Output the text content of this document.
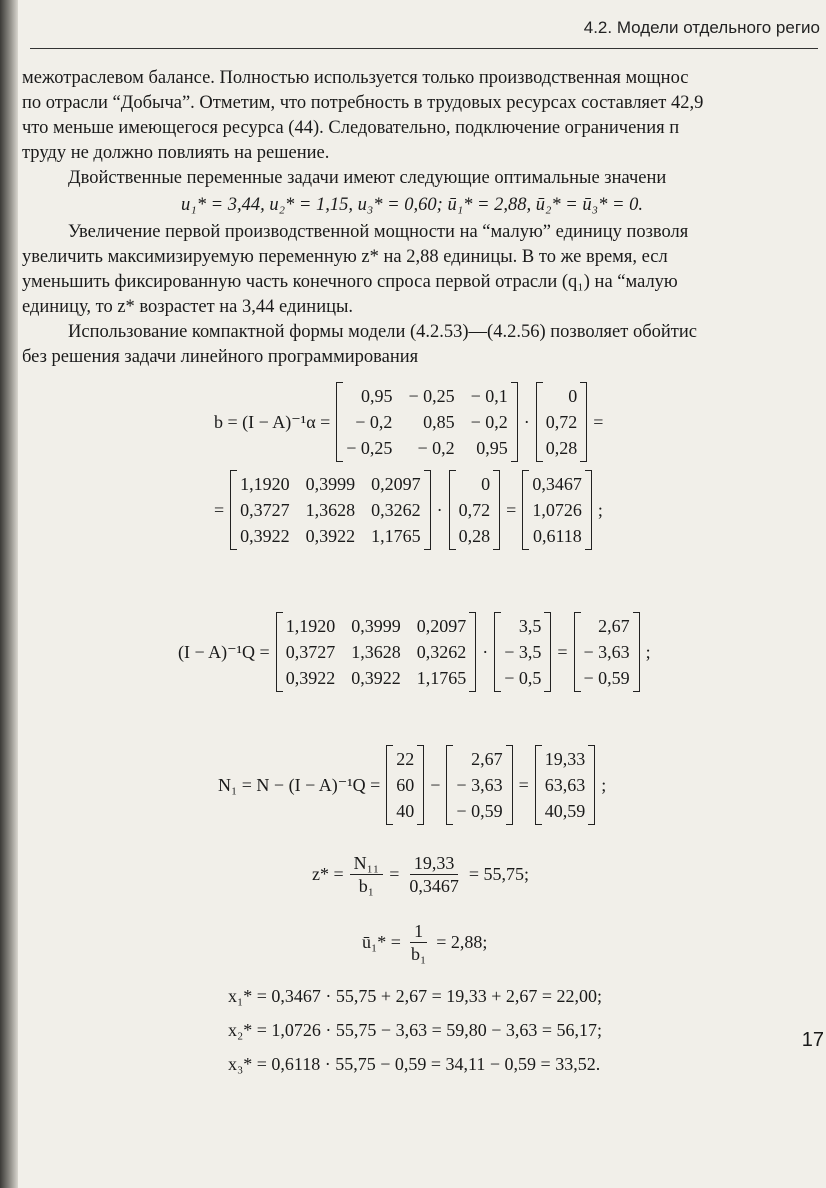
4.2. Модели отдельного регио

межотраслевом балансе. Полностью используется только производственная мощнос

по отрасли “Добыча”. Отметим, что потребность в трудовых ресурсах составляет 42,9

что меньше имеющегося ресурса (44). Следовательно, подключение ограничения п

труду не должно повлиять на решение.

Двойственные переменные задачи имеют следующие оптимальные значени

u₁* = 3,44, u₂* = 1,15, u₃* = 0,60; ū₁* = 2,88, ū₂* = ū₃* = 0.

Увеличение первой производственной мощности на “малую” единицу позволя

увеличить максимизируемую переменную z* на 2,88 единицы. В то же время, есл

уменьшить фиксированную часть конечного спроса первой отрасли (q₁) на “малую

единицу, то z* возрастет на 3,44 единицы.

Использование компактной формы модели (4.2.53)—(4.2.56) позволяет обойтис

без решения задачи линейного программирования

b = (I − A)⁻¹α =
0,95 − 0,25 − 0,1
− 0,2	0,85 − 0,2
− 0,25	− 0,2	0,95
·
0
0,72
0,28
=
=
1,1920 0,3999 0,2097
0,3727 1,3628 0,3262
0,3922 0,3922 1,1765
·
0
0,72
0,28
=
0,3467
1,0726
0,6118
;
(I − A)⁻¹Q =
1,1920 0,3999 0,2097
0,3727 1,3628 0,3262
0,3922 0,3922 1,1765
·
3,5
− 3,5
− 0,5
=
2,67
− 3,63
− 0,59
;
N₁ = N − (I − A)⁻¹Q =
22
60
40
−
2,67
− 3,63
− 0,59
=
19,33
63,63
40,59
;
$z* = \frac{\text{N₁₁}}{\text{b₁}} = \frac{19,33}{0,3467} = 55,75$;
ū₁* = $\frac{1}{\text{b₁}} = 2,88$;
x₁* = 0,3467 · 55,75 + 2,67 = 19,33 + 2,67 = 22,00;
x₂* = 1,0726 · 55,75 − 3,63 = 59,80 − 3,63 = 56,17;
x₃* = 0,6118 · 55,75 − 0,59 = 34,11 − 0,59 = 33,52.
17
